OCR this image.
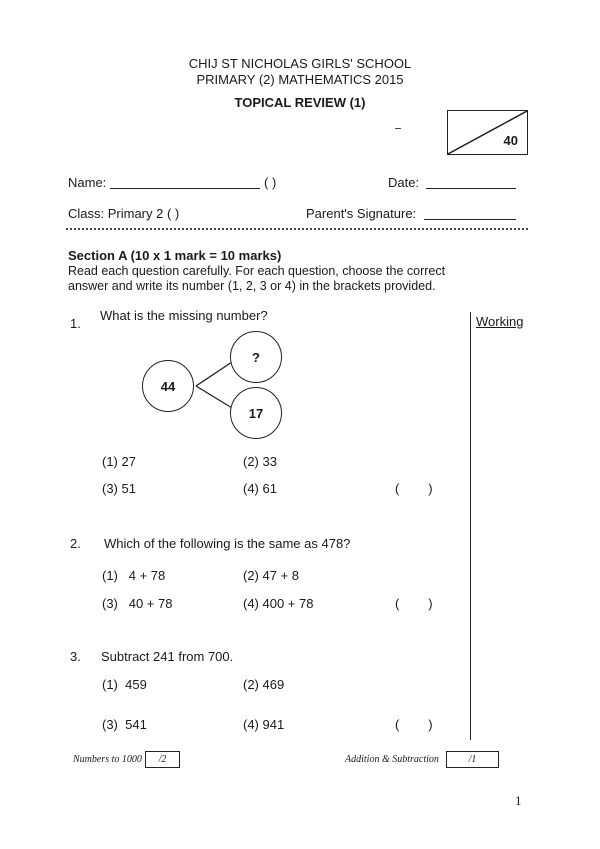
CHIJ ST NICHOLAS GIRLS' SCHOOL
PRIMARY (2) MATHEMATICS 2015
TOPICAL REVIEW (1)
40
Name:	( )	Date:
Class: Primary 2 ( )	Parent's Signature:
Section A (10 x 1 mark = 10 marks)
Read each question carefully. For each question, choose the correct
answer and write its number (1, 2, 3 or 4) in the brackets provided.
Working
1.
What is the missing number?
44
?
17
(1) 27	(2) 33
(3) 51	(4) 61	(        )
2. Which of the following is the same as 478?
(1)   4 + 78	(2) 47 + 8
(3)   40 + 78	(4) 400 + 78	(        )
3. Subtract 241 from 700.
(1)  459	(2) 469
(3)  541	(4) 941	(        )
Numbers to 1000 /2	Addition & Subtraction	/1
1
